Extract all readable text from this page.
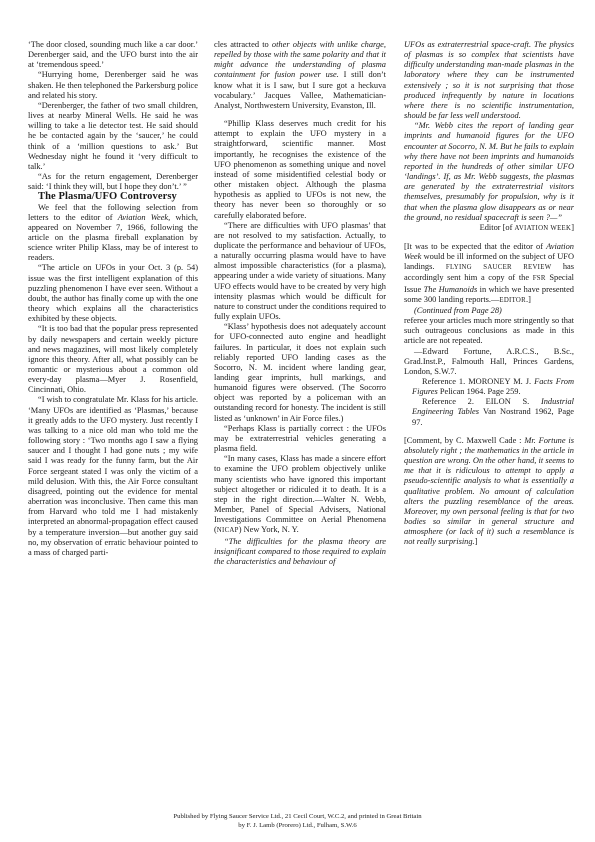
‘The door closed, sounding much like a car door.’ Derenberger said, and the UFO burst into the air at ‘tremendous speed.’

“Hurrying home, Derenberger said he was shaken. He then telephoned the Parkersburg police and related his story.

“Derenberger, the father of two small children, lives at nearby Mineral Wells. He said he was willing to take a lie detector test. He said should he be contacted again by the ‘saucer,’ he could think of a ‘million questions to ask.’ But Wednesday night he found it ‘very difficult to talk.’

“As for the return engagement, Derenberger said: ‘I think they will, but I hope they don’t.’ ”

The Plasma/UFO Controversy

We feel that the following selection from letters to the editor of Aviation Week, which, appeared on November 7, 1966, following the article on the plasma fireball explanation by science writer Philip Klass, may be of interest to readers.

“The article on UFOs in your Oct. 3 (p. 54) issue was the first intelligent explanation of this puzzling phenomenon I have ever seen. Without a doubt, the author has finally come up with the one theory which explains all the characteristics exhibited by these objects.

“It is too bad that the popular press represented by daily newspapers and certain weekly picture and news magazines, will most likely completely ignore this theory. After all, what possibly can be romantic or mysterious about a common old every-day plasma—Myer J. Rosenfield, Cincinnati, Ohio.

“I wish to congratulate Mr. Klass for his article. ‘Many UFOs are identified as ‘Plasmas,’ because it greatly adds to the UFO mystery. Just recently I was talking to a nice old man who told me the following story : ‘Two months ago I saw a flying saucer and I thought I had gone nuts ; my wife said I was ready for the funny farm, but the Air Force sergeant stated I was only the victim of a mild delusion. With this, the Air Force consultant disagreed, pointing out the evidence for mental aberration was inconclusive. Then came this man from Harvard who told me I had mistakenly interpreted an abnormal-propagation effect caused by a temperature inversion—but another guy said no, my observation of erratic behaviour pointed to a mass of charged parti-

cles attracted to other objects with unlike charge, repelled by those with the same polarity and that it might advance the understanding of plasma containment for fusion power use. I still don’t know what it is I saw, but I sure got a heckuva vocabulary.’ Jacques Vallee, Mathematician-Analyst, Northwestern University, Evanston, Ill.

“Phillip Klass deserves much credit for his attempt to explain the UFO mystery in a straightforward, scientific manner. Most importantly, he recognises the existence of the UFO phenomenon as something unique and novel instead of some misidentified celestial body or other mistaken object. Although the plasma hypothesis as applied to UFOs is not new, the theory has never been so thoroughly or so carefully elaborated before.

“There are difficulties with UFO plasmas’ that are not resolved to my satisfaction. Actually, to duplicate the performance and behaviour of UFOs, a naturally occurring plasma would have to have almost impossible characteristics (for a plasma), appearing under a wide variety of situations. Many UFO effects would have to be created by very high intensity plasmas which would be difficult for nature to construct under the conditions required to fully explain UFOs.

“Klass’ hypothesis does not adequately account for UFO-connected auto engine and headlight failures. In particular, it does not explain such reliably reported UFO landing cases as the Socorro, N. M. incident where landing gear, landing gear imprints, hull markings, and humanoid figures were observed. (The Socorro object was reported by a policeman with an outstanding record for honesty. The incident is still listed as ‘unknown’ in Air Force files.)

“Perhaps Klass is partially correct : the UFOs may be extraterrestrial vehicles generating a plasma field.

“In many cases, Klass has made a sincere effort to examine the UFO problem objectively unlike many scientists who have ignored this important subject altogether or ridiculed it to death. It is a step in the right direction.—Walter N. Webb, Member, Panel of Special Advisers, National Investigations Committee on Aerial Phenomena (NICAP) New York, N. Y.

“The difficulties for the plasma theory are insignificant compared to those required to explain the characteristics and behaviour of

UFOs as extraterrestrial space-craft. The physics of plasmas is so complex that scientists have difficulty understanding man-made plasmas in the laboratory where they can be instrumented extensively ; so it is not surprising that those produced infrequently by nature in locations where there is no scientific instrumentation, should be far less well understood.

“Mr. Webb cites the report of landing gear imprints and humanoid figures for the UFO encounter at Socorro, N. M. But he fails to explain why there have not been imprints and humanoids reported in the hundreds of other similar UFO ‘landings’. If, as Mr. Webb suggests, the plasmas are generated by the extraterrestrial visitors themselves, presumably for propulsion, why is it that when the plasma glow disappears as or near the ground, no residual spacecraft is seen ?—”

Editor [of AVIATION WEEK]

[It was to be expected that the editor of Aviation Week would be ill informed on the subject of UFO landings. FLYING SAUCER REVIEW has accordingly sent him a copy of the FSR Special Issue The Humanoids in which we have presented some 300 landing reports.—EDITOR.]

(Continued from Page 28)

referee your articles much more stringently so that such outrageous conclusions as made in this article are not repeated.

—Edward Fortune, A.R.C.S., B.Sc., Grad.Inst.P., Falmouth Hall, Princes Gardens, London, S.W.7.

Reference 1. MORONEY M. J. Facts From Figures Pelican 1964. Page 259.

Reference 2. EILON S. Industrial Engineering Tables Van Nostrand 1962, Page 97.

[Comment, by C. Maxwell Cade : Mr. Fortune is absolutely right ; the mathematics in the article in question are wrong. On the other hand, it seems to me that it is ridiculous to attempt to apply a pseudo-scientific analysis to what is essentially a qualitative problem. No amount of calculation alters the puzzling resemblance of the areas. Moreover, my own personal feeling is that for two bodies so similar in general structure and atmosphere (or lack of it) such a resemblance is not really surprising.]

Published by Flying Saucer Service Ltd., 21 Cecil Court, W.C.2, and printed in Great Britain
by F. J. Lamb (Prorero) Ltd., Fulham, S.W.6
